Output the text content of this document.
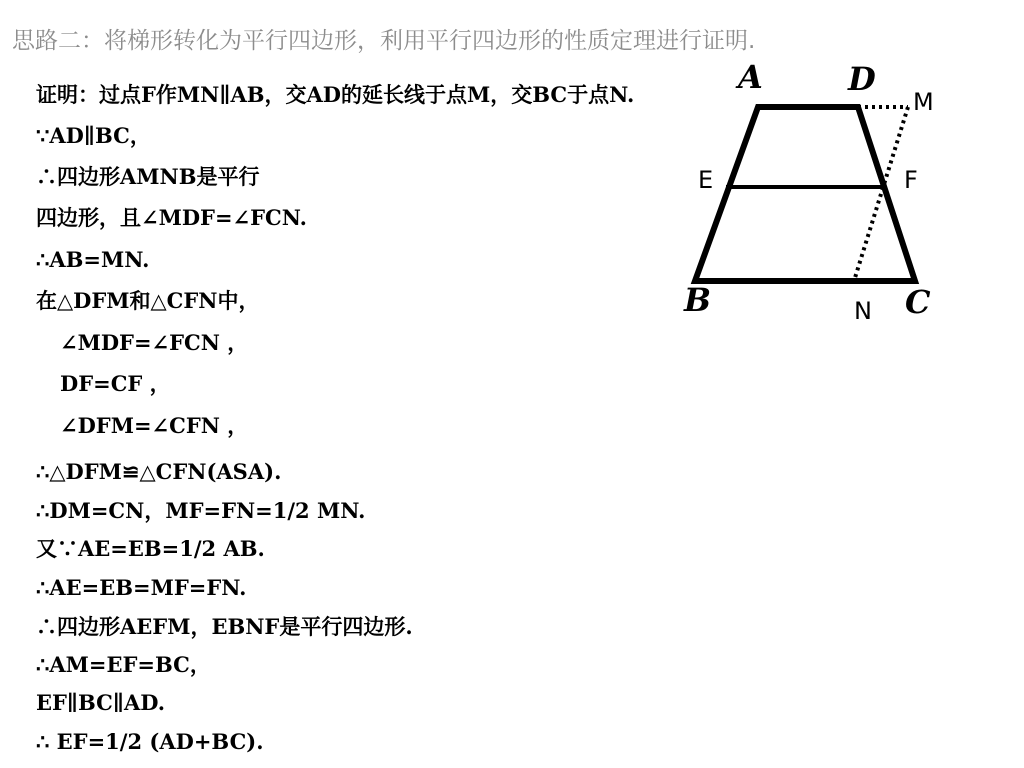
思路二：将梯形转化为平行四边形，利用平行四边形的性质定理进行证明.
证明：过点F作MN∥AB，交AD的延长线于点M，交BC于点N.
∵AD∥BC，
∴四边形AMNB是平行
四边形，且∠MDF=∠FCN.
∴AB=MN.
在△DFM和△CFN中，
∠MDF=∠FCN ，
DF=CF ，
∠DFM=∠CFN ，
∴△DFM≌△CFN(ASA).
∴DM=CN，MF=FN=1/2 MN.
又∵AE=EB=1/2 AB.
∴AE=EB=MF=FN.
∴四边形AEFM，EBNF是平行四边形.
∴AM=EF=BC，
EF∥BC∥AD.
∴ EF=1/2 (AD+BC).
A	D
M
E	F
B	N C
